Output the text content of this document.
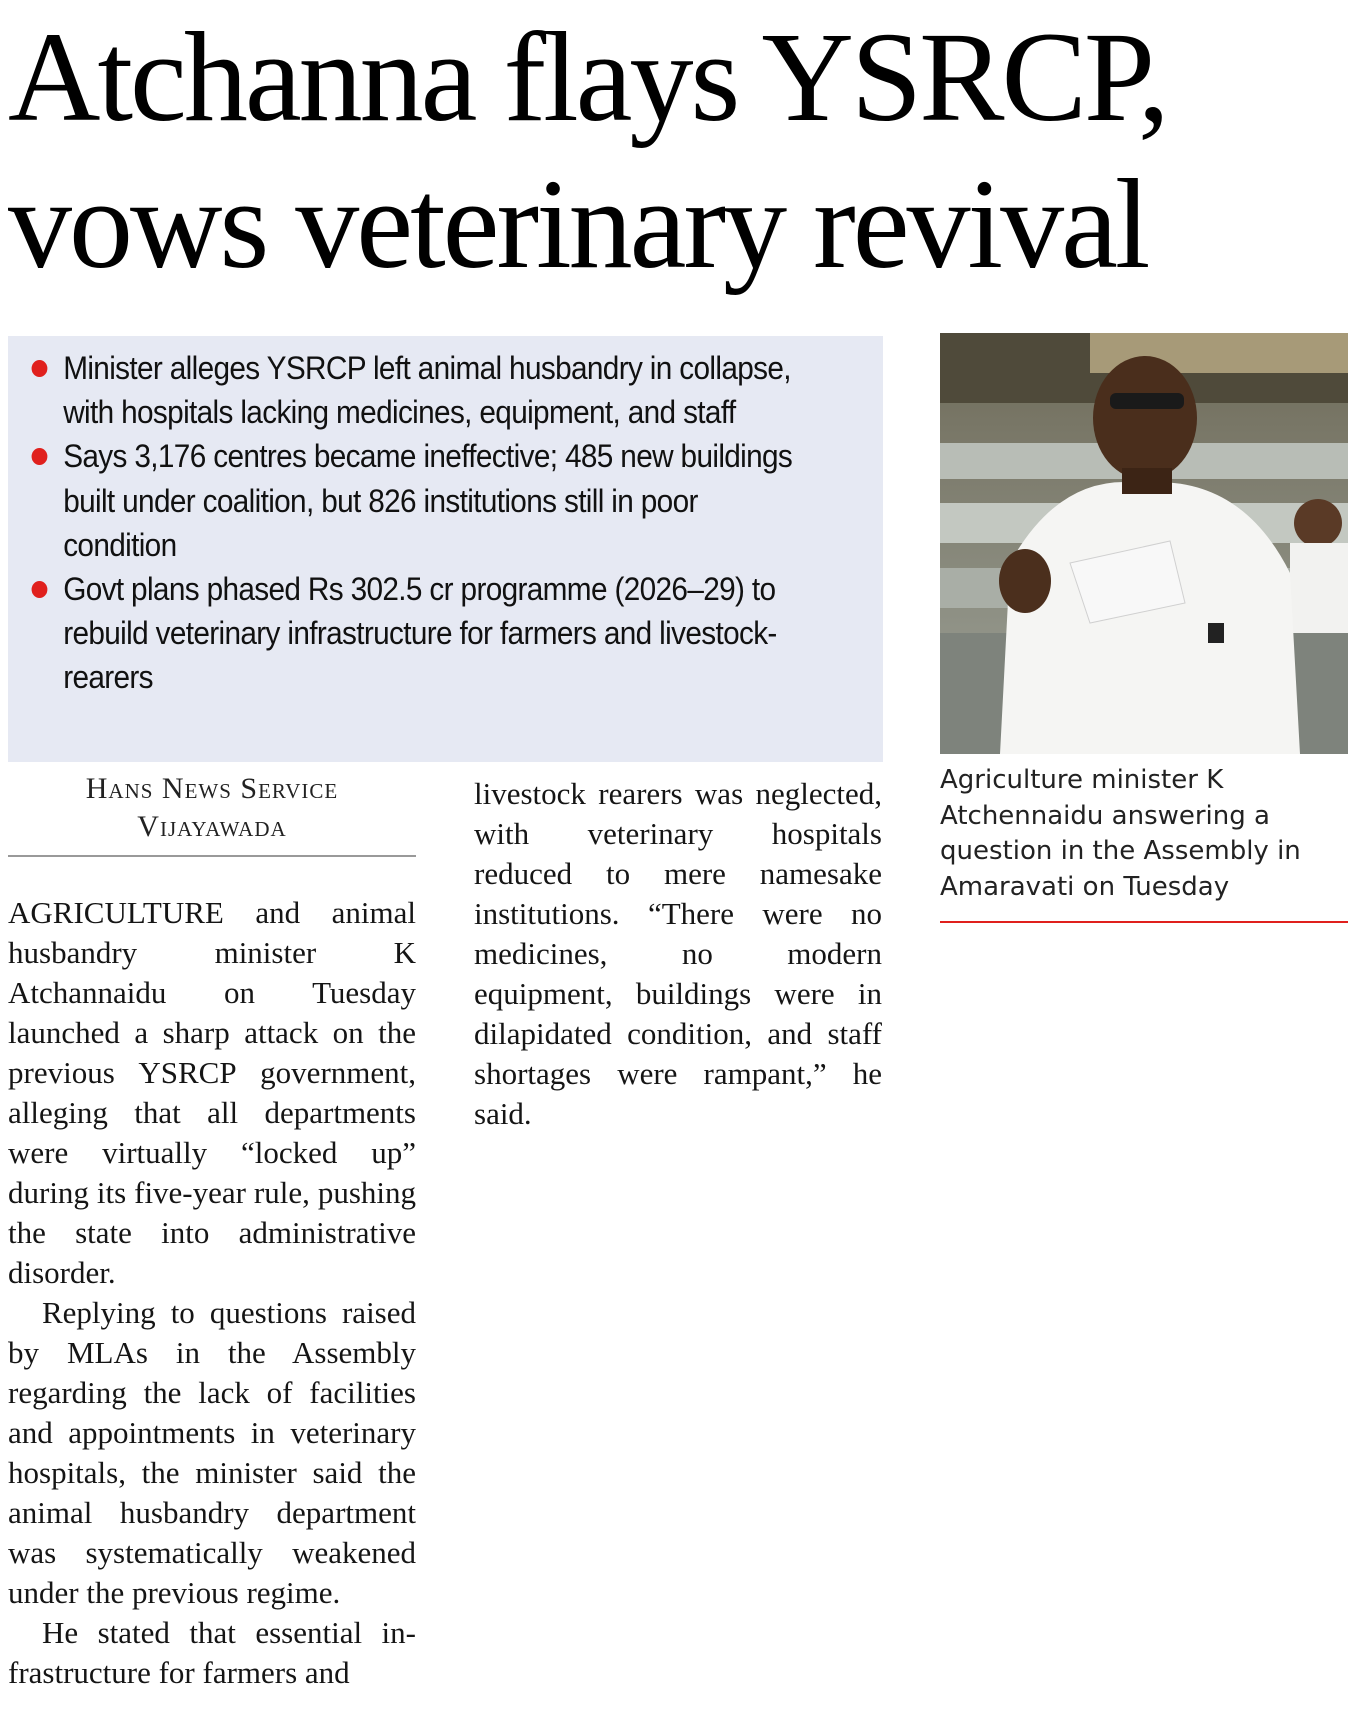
Atchanna flays YSRCP,
vows veterinary revival
Minister alleges YSRCP left animal husbandry in collapse, with hospitals lacking medicines, equipment, and staff
Says 3,176 centres became ineffective; 485 new buildings built under coalition, but 826 institutions still in poor condition
Govt plans phased Rs 302.5 cr programme (2026–29) to rebuild veterinary infrastructure for farmers and livestock-rearers
Agriculture minister K Atchennaidu answering a question in the Assembly in Amaravati on Tuesday
Hans News Service
Vijayawada

AGRICULTURE and animal husbandry minister K Atchannaidu on Tuesday launched a sharp attack on the previous YSRCP government, alleging that all departments were virtually “locked up” during its five-year rule, pushing the state into administrative disorder.

Replying to questions raised by MLAs in the Assembly regarding the lack of facilities and appointments in veterinary hospitals, the minister said the animal husbandry department was systematically weakened under the previous regime.

He stated that essential infrastructure for farmers and

livestock rearers was neglected, with veterinary hospitals reduced to mere namesake institutions. “There were no medicines, no modern equipment, buildings were in dilapidated condition, and staff shortages were rampant,” he said.
